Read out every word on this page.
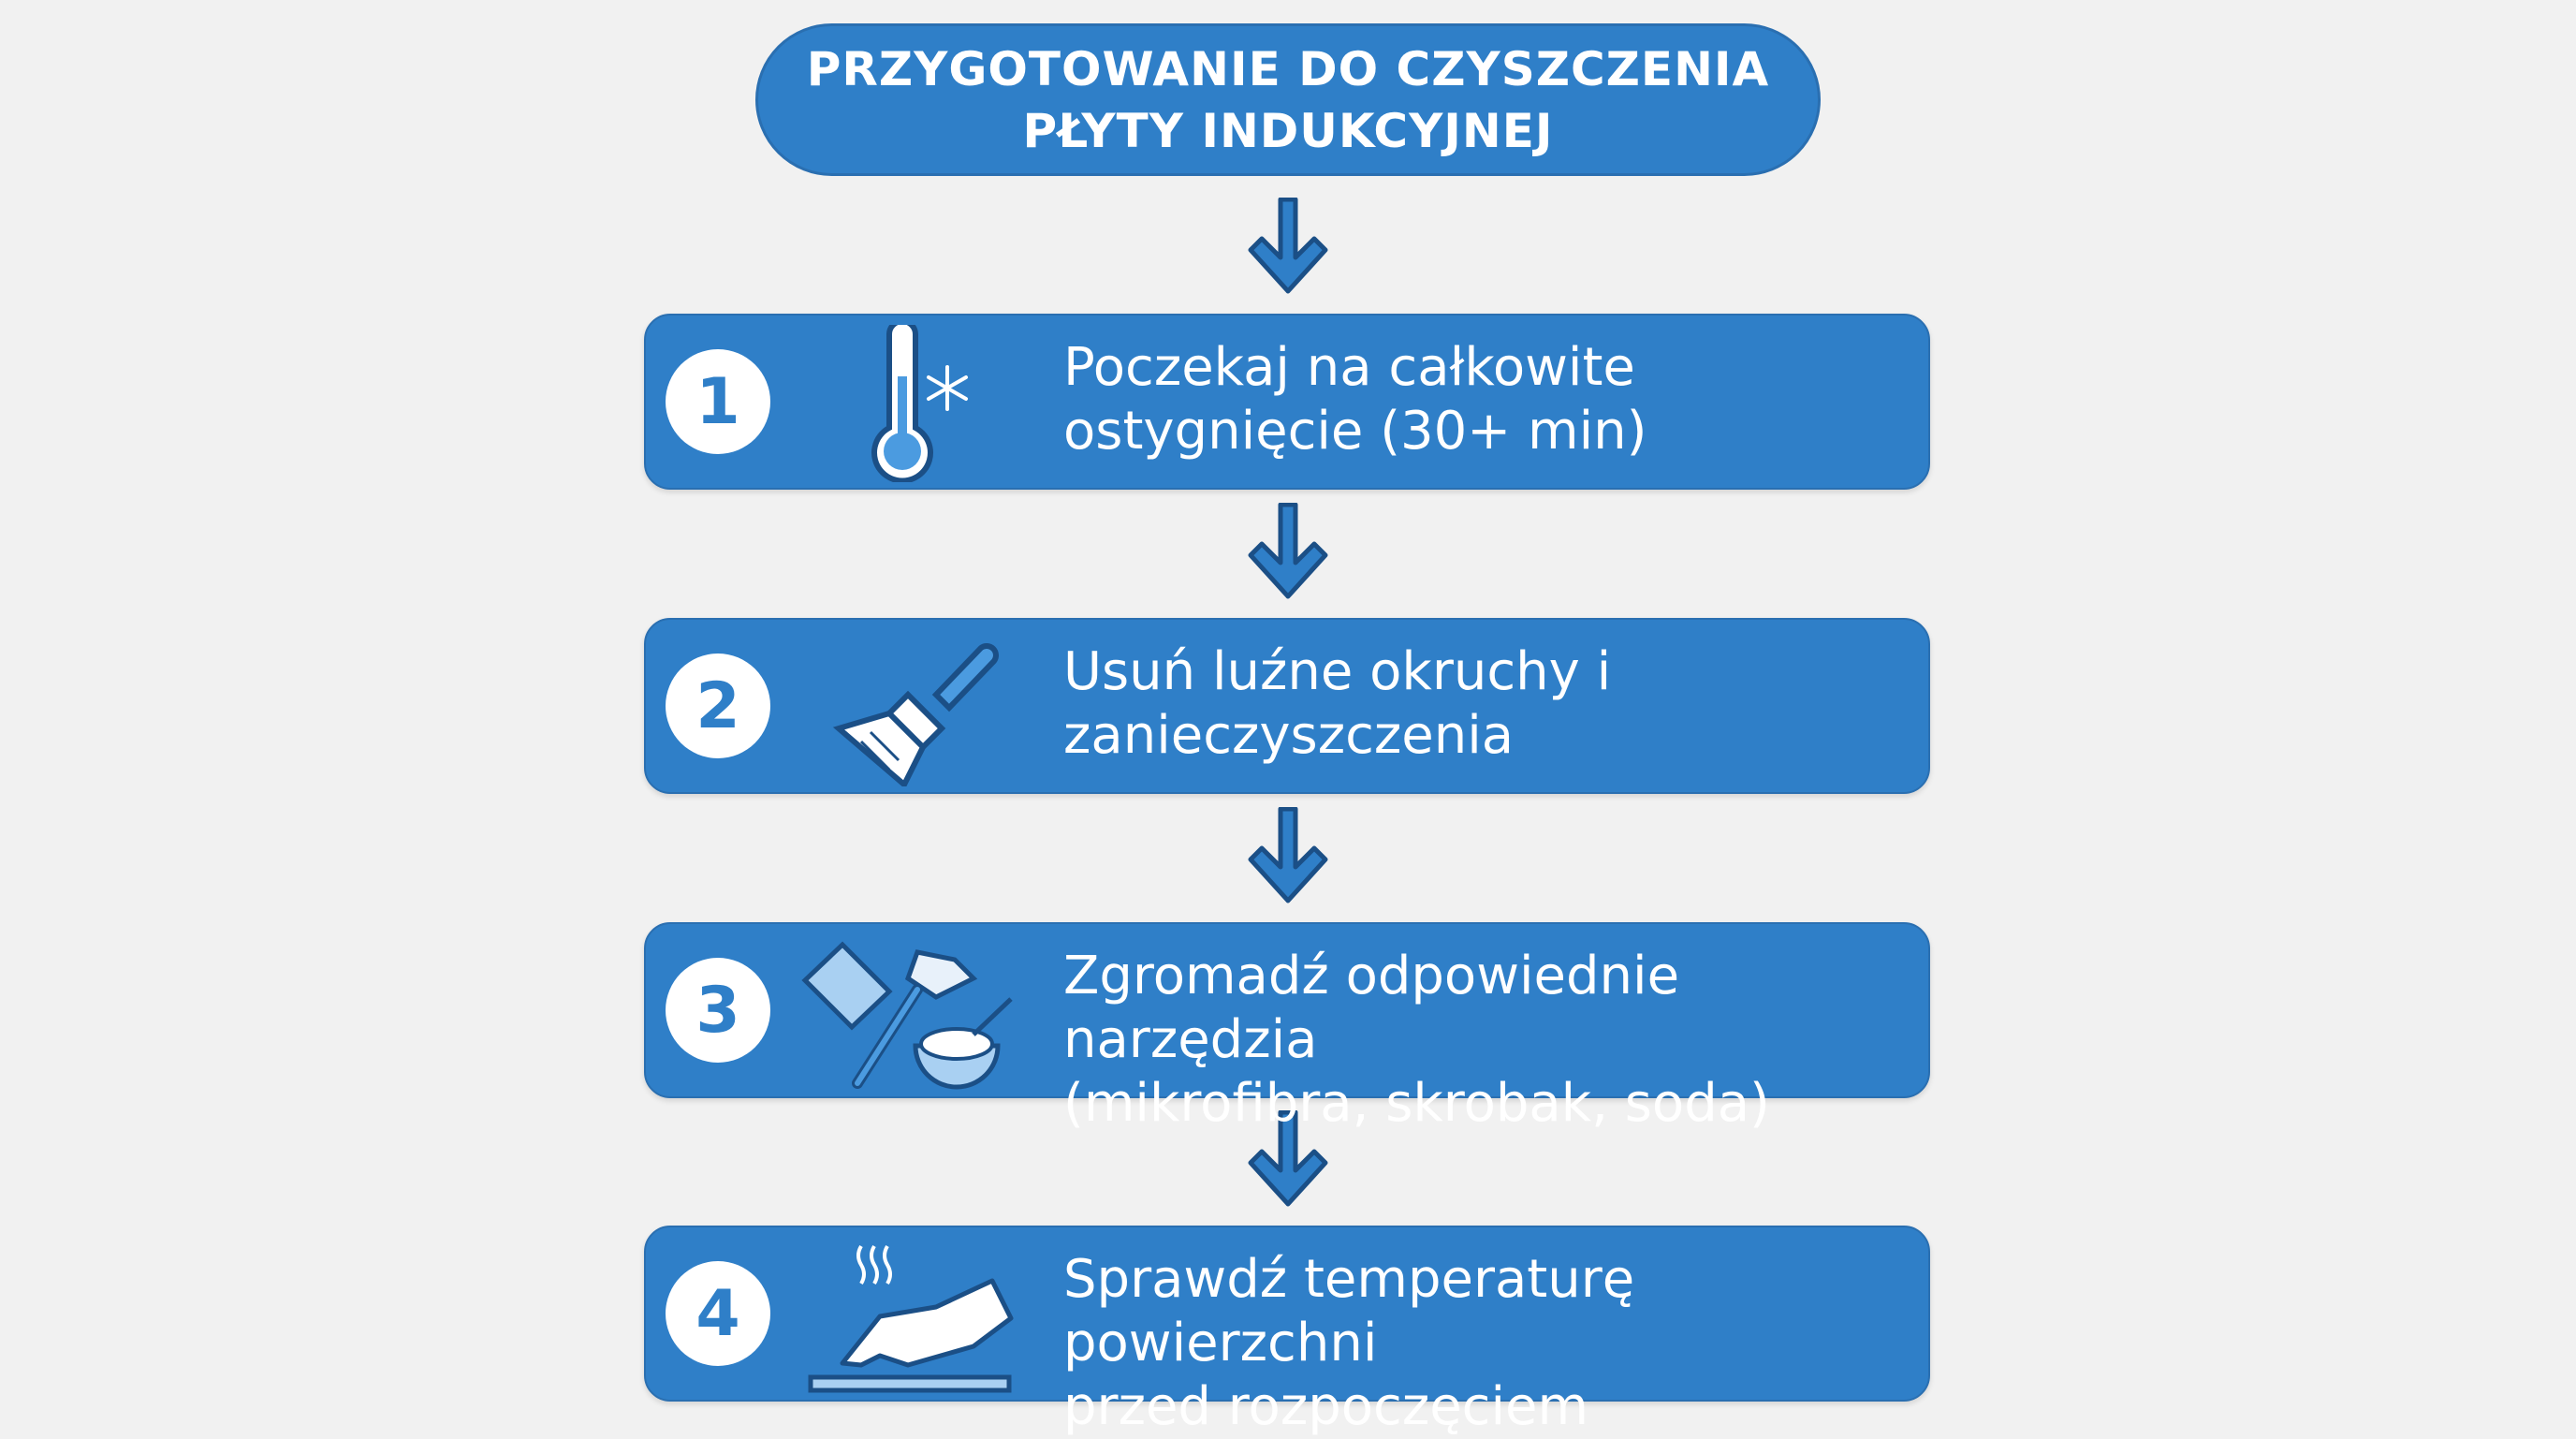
PRZYGOTOWANIE DO CZYSZCZENIA
PŁYTY INDUKCYJNEJ
1	Poczekaj na całkowite
ostygnięcie (30+ min)
2	Usuń luźne okruchy i
zanieczyszczenia
3	Zgromadź odpowiednie narzędzia
(mikrofibra, skrobak, soda)
4	Sprawdź temperaturę powierzchni
przed rozpoczęciem
